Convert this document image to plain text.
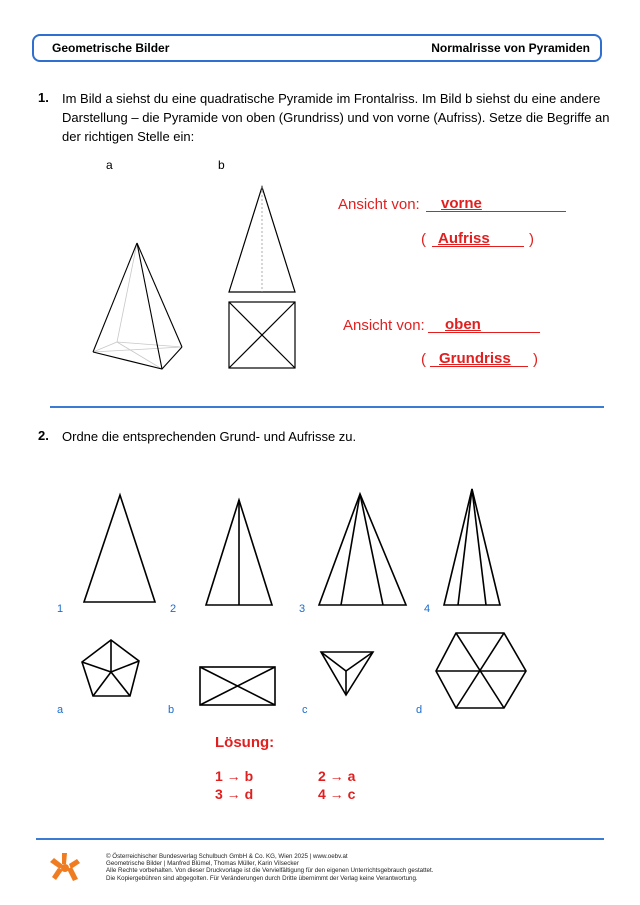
Geometrische Bilder	Normalrisse von Pyramiden
1. Im Bild a siehst du eine quadratische Pyramide im Frontalriss. Im Bild b siehst du eine andere
Darstellung – die Pyramide von oben (Grundriss) und von vorne (Aufriss). Setze die Begriffe an
der richtigen Stelle ein:
a	b
Ansicht von: vorne
( Aufriss	)
Ansicht von: oben
( Grundriss )
2. Ordne die entsprechenden Grund- und Aufrisse zu.
1	2	3	4
a	b	c	d
Lösung:
1 → b	2 → a
3 → d	4 → c
© Österreichischer Bundesverlag Schulbuch GmbH & Co. KG, Wien 2025 | www.oebv.at
Geometrische Bilder | Manfred Blümel, Thomas Müller, Karin Vilsecker
Alle Rechte vorbehalten. Von dieser Druckvorlage ist die Vervielfältigung für den eigenen Unterrichtsgebrauch gestattet.
Die Kopiergebühren sind abgegolten. Für Veränderungen durch Dritte übernimmt der Verlag keine Verantwortung.
